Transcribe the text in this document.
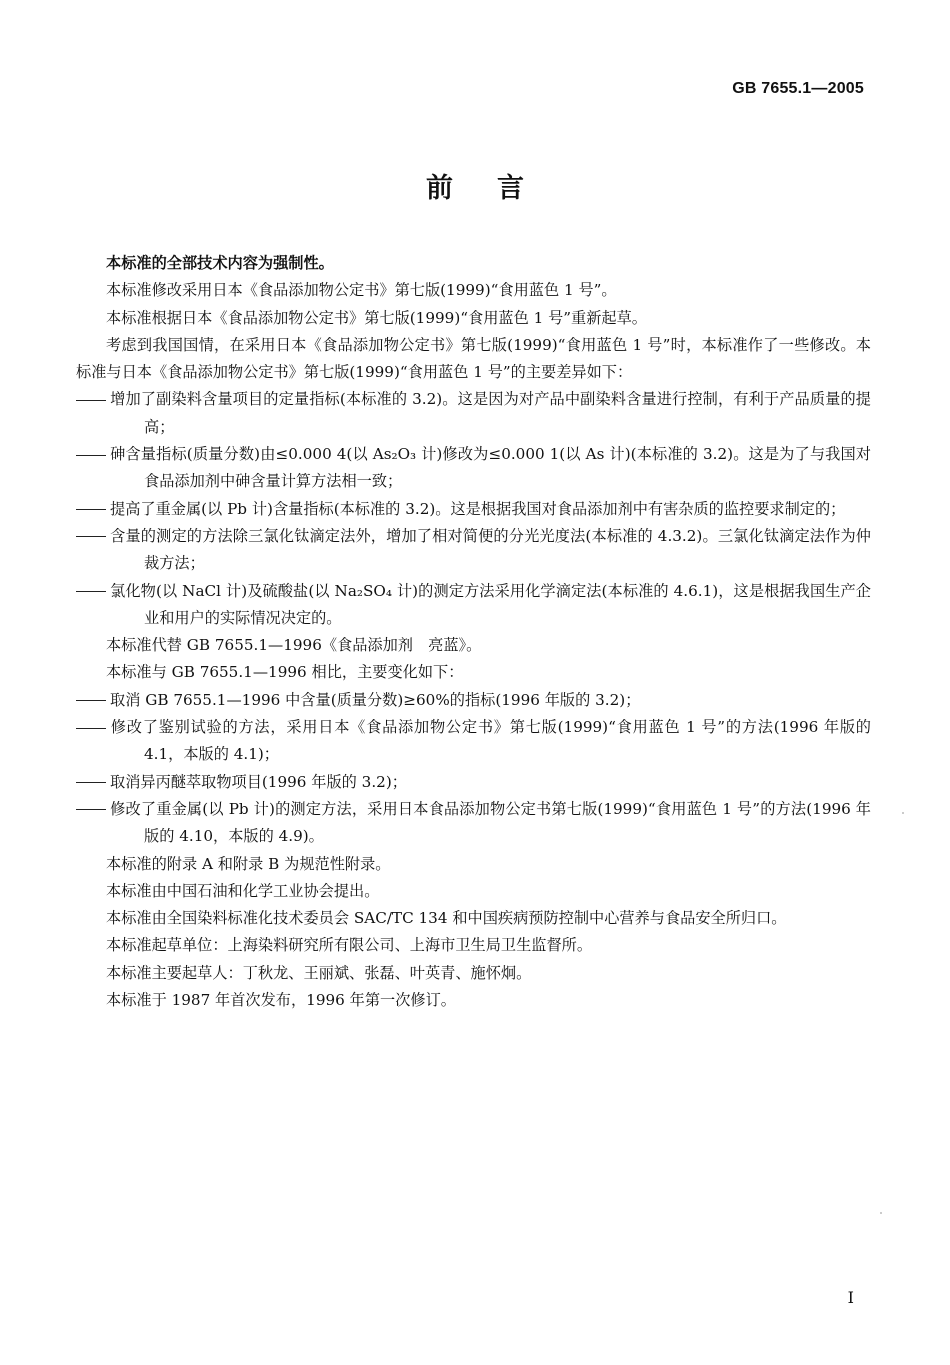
GB 7655.1—2005
前言

本标准的全部技术内容为强制性。

本标准修改采用日本《食品添加物公定书》第七版(1999)“食用蓝色 1 号”。

本标准根据日本《食品添加物公定书》第七版(1999)“食用蓝色 1 号”重新起草。

考虑到我国国情，在采用日本《食品添加物公定书》第七版(1999)“食用蓝色 1 号”时，本标准作了一些修改。本标准与日本《食品添加物公定书》第七版(1999)“食用蓝色 1 号”的主要差异如下：

增加了副染料含量项目的定量指标(本标准的 3.2)。这是因为对产品中副染料含量进行控制，有利于产品质量的提高；

砷含量指标(质量分数)由≤0.000 4(以 As₂O₃ 计)修改为≤0.000 1(以 As 计)(本标准的 3.2)。这是为了与我国对食品添加剂中砷含量计算方法相一致；

提高了重金属(以 Pb 计)含量指标(本标准的 3.2)。这是根据我国对食品添加剂中有害杂质的监控要求制定的；

含量的测定的方法除三氯化钛滴定法外，增加了相对简便的分光光度法(本标准的 4.3.2)。三氯化钛滴定法作为仲裁方法；

氯化物(以 NaCl 计)及硫酸盐(以 Na₂SO₄ 计)的测定方法采用化学滴定法(本标准的 4.6.1)，这是根据我国生产企业和用户的实际情况决定的。

本标准代替 GB 7655.1—1996《食品添加剂　亮蓝》。

本标准与 GB 7655.1—1996 相比，主要变化如下：

取消 GB 7655.1—1996 中含量(质量分数)≥60%的指标(1996 年版的 3.2)；

修改了鉴别试验的方法，采用日本《食品添加物公定书》第七版(1999)“食用蓝色 1 号”的方法(1996 年版的 4.1，本版的 4.1)；

取消异丙醚萃取物项目(1996 年版的 3.2)；

修改了重金属(以 Pb 计)的测定方法，采用日本食品添加物公定书第七版(1999)“食用蓝色 1 号”的方法(1996 年版的 4.10，本版的 4.9)。

本标准的附录 A 和附录 B 为规范性附录。

本标准由中国石油和化学工业协会提出。

本标准由全国染料标准化技术委员会 SAC/TC 134 和中国疾病预防控制中心营养与食品安全所归口。

本标准起草单位：上海染料研究所有限公司、上海市卫生局卫生监督所。

本标准主要起草人：丁秋龙、王丽斌、张磊、叶英青、施怀炯。

本标准于 1987 年首次发布，1996 年第一次修订。

I
